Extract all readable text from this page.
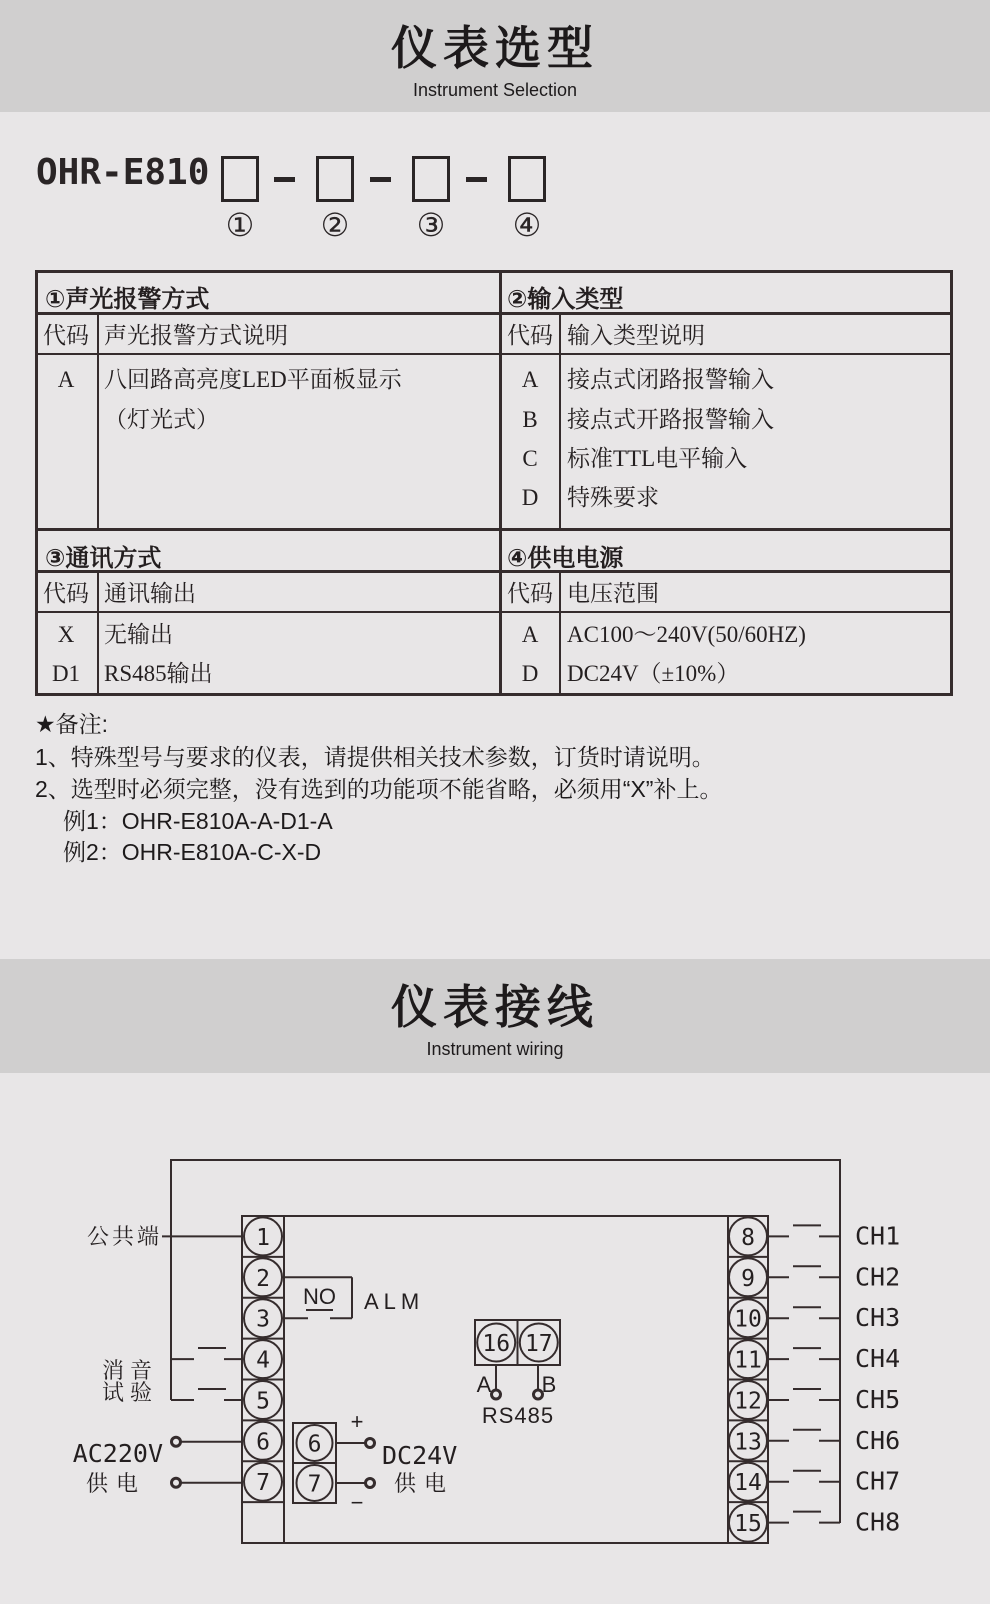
仪表选型
Instrument Selection
OHR-E810
① ② ③ ④
①声光报警方式
代码 声光报警方式说明
A	八回路高亮度LED平面板显示
（灯光式）
②输入类型
代码 输入类型说明
A	接点式闭路报警输入
B	接点式开路报警输入
C	标准TTL电平输入
D	特殊要求
③通讯方式
代码 通讯输出
X	无输出
D1	RS485输出
④供电电源
代码 电压范围
A	AC100～240V(50/60HZ)
D	DC24V（±10%）
★备注:
1、特殊型号与要求的仪表，请提供相关技术参数，订货时请说明。
2、选型时必须完整，没有选到的功能项不能省略，必须用“X”补上。
例1：OHR-E810A-A-D1-A
例2：OHR-E810A-C-X-D
仪表接线
Instrument wiring
1
2
3
4
5
6
7
8
9
10
11
12
13
14
15
16 17
6
7
公共端
消音
试验
AC220V
供电
NO ALM
+
−
DC24V
供电
A B
RS485
CH1
CH2
CH3
CH4
CH5
CH6
CH7
CH8
